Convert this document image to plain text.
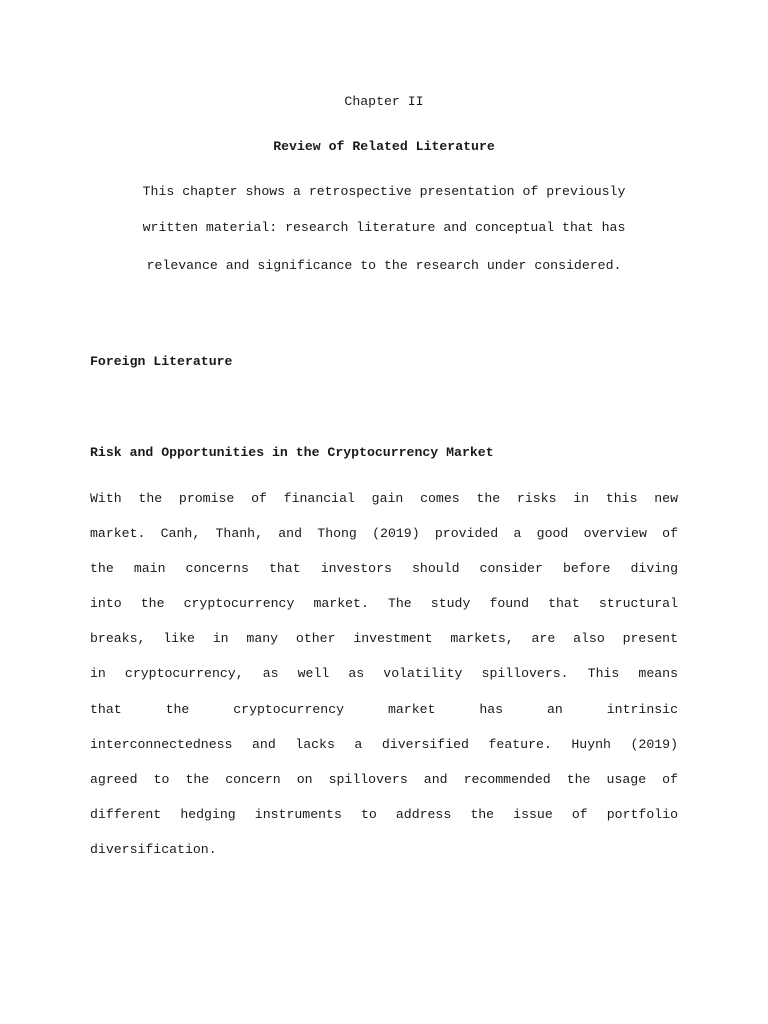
Chapter II
Review of Related Literature
This chapter shows a retrospective presentation of previously
written material: research literature and conceptual that has
relevance and significance to the research under considered.
Foreign Literature
Risk and Opportunities in the Cryptocurrency Market
With the promise of financial gain comes the risks in this new
market. Canh, Thanh, and Thong (2019) provided a good overview of
the main concerns that investors should consider before diving
into the cryptocurrency market. The study found that structural
breaks, like in many other investment markets, are also present
in cryptocurrency, as well as volatility spillovers. This means
that the cryptocurrency market has an intrinsic
interconnectedness and lacks a diversified feature. Huynh (2019)
agreed to the concern on spillovers and recommended the usage of
different hedging instruments to address the issue of portfolio
diversification.
